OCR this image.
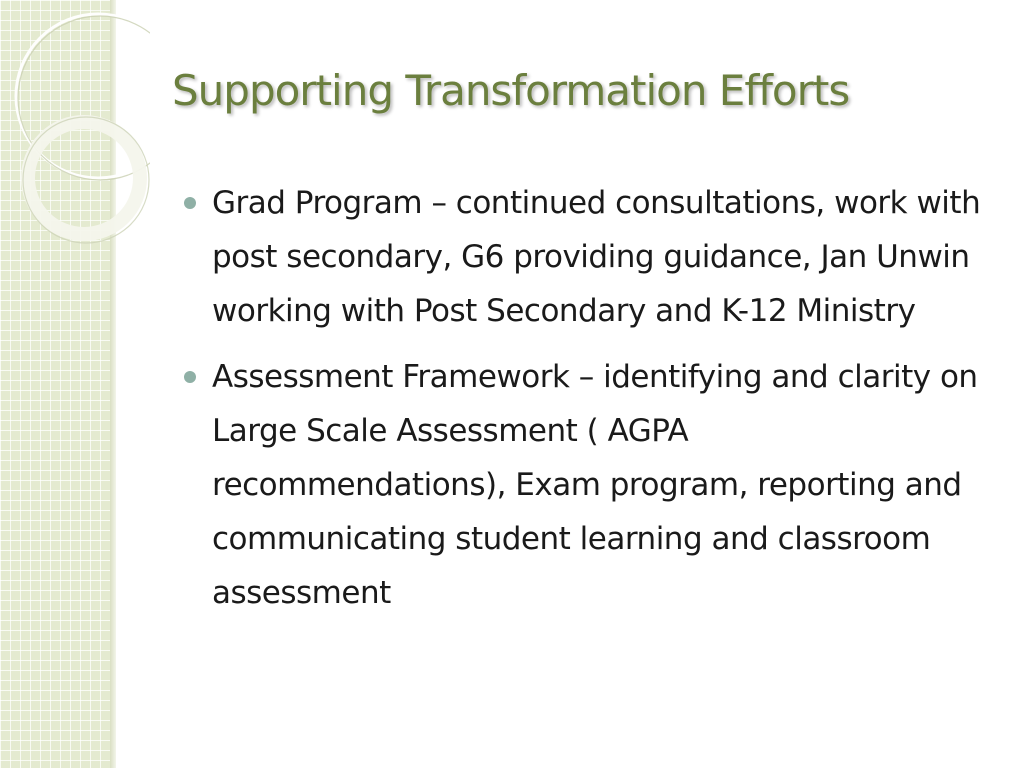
Supporting Transformation Efforts
Grad Program – continued consultations, work with post secondary, G6 providing guidance, Jan Unwin working with Post Secondary and K-12 Ministry
Assessment Framework – identifying and clarity on Large Scale Assessment ( AGPA recommendations), Exam program, reporting and communicating student learning and classroom assessment
